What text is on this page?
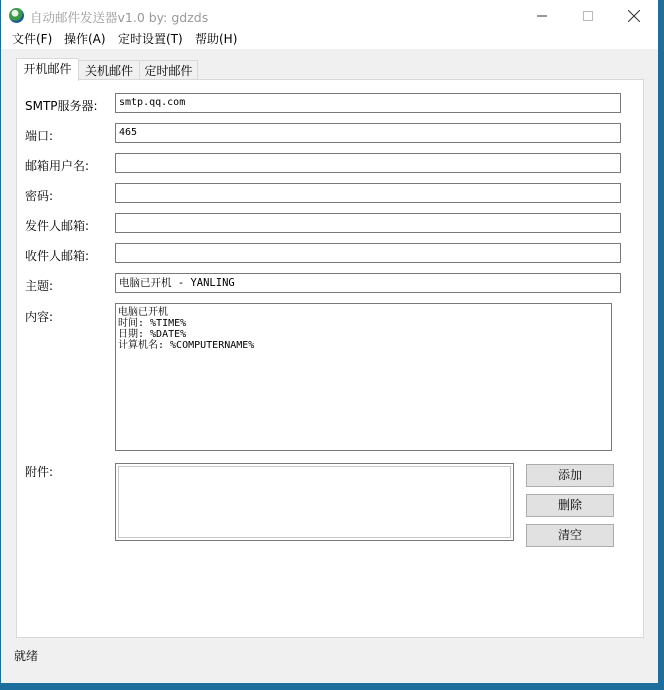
自动邮件发送器v1.0 by: gdzds
文件(F) 操作(A) 定时设置(T) 帮助(H)
开机邮件	关机邮件 定时邮件
SMTP服务器:	smtp.qq.com
端口:	465
邮箱用户名:
密码:
发件人邮箱:
收件人邮箱:
主题:	电脑已开机 - YANLING
内容:	电脑已开机
时间: %TIME%
日期: %DATE%
计算机名: %COMPUTERNAME%
附件:	添加
删除
清空
就绪
